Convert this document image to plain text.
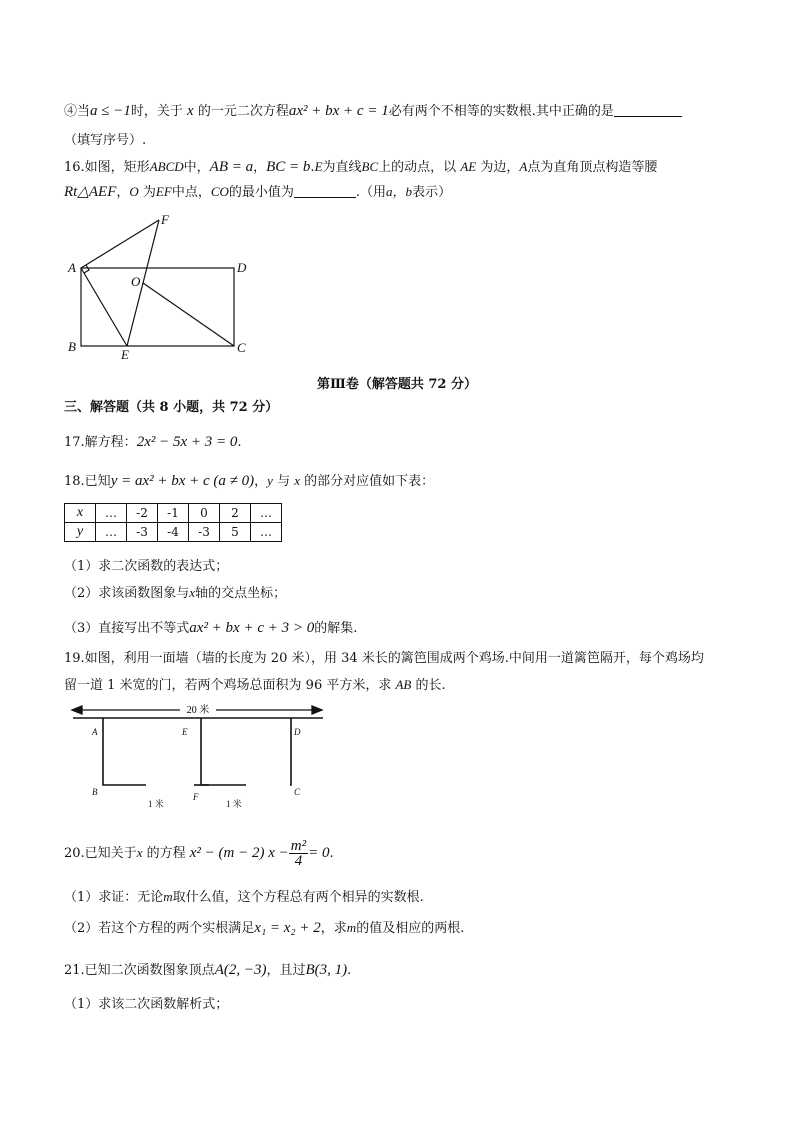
④当a ≤ −1时，关于 x 的一元二次方程ax² + bx + c = 1必有两个不相等的实数根.其中正确的是
（填写序号）.
16.如图，矩形ABCD中，AB = a，BC = b.E为直线BC上的动点，以 AE 为边，A点为直角顶点构造等腰
Rt△AEF，O 为EF中点，CO的最小值为	.（用a，b表示）
A
B	C
D
E
F
O
第Ⅲ卷（解答题共 72 分）
三、解答题（共 8 小题，共 72 分）
17.解方程：2x² − 5x + 3 = 0.
18.已知y = ax² + bx + c (a ≠ 0)，y 与 x 的部分对应值如下表：
x	…	-2	-1	0	2	…
y	…	-3	-4	-3	5	…
（1）求二次函数的表达式；
（2）求该函数图象与x轴的交点坐标；
（3）直接写出不等式ax² + bx + c + 3 > 0的解集.
19.如图，利用一面墙（墙的长度为 20 米），用 34 米长的篱笆围成两个鸡场.中间用一道篱笆隔开，每个鸡场均
留一道 1 米宽的门，若两个鸡场总面积为 96 平方米，求 AB 的长.
20 米
A
B
E
F
D
C
1 米	1 米
20.已知关于x 的方程 x² − (m − 2) $x - \frac{\text{m²}}{4} = 0$.
（1）求证：无论m取什么值，这个方程总有两个相异的实数根.
（2）若这个方程的两个实根满足x₁ = x₂ + 2，求m的值及相应的两根.
21.已知二次函数图象顶点A(2, −3)，且过B(3, 1).
（1）求该二次函数解析式；
